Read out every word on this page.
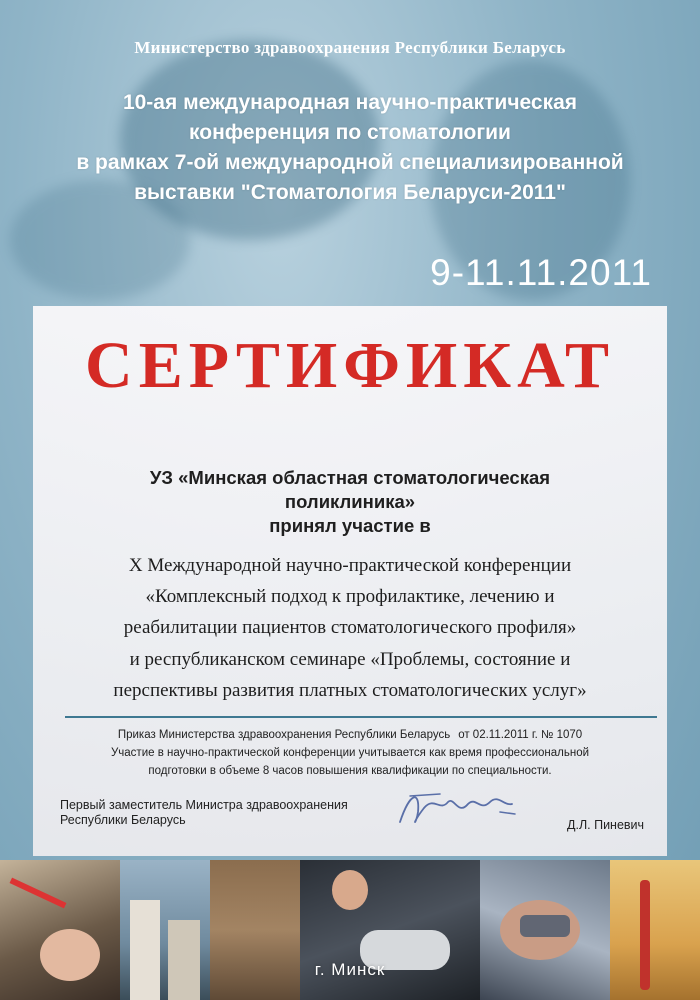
Министерство здравоохранения Республики Беларусь
10-ая международная научно-практическая
конференция по стоматологии
в рамках 7-ой международной специализированной
выставки "Стоматология Беларуси-2011"
9-11.11.2011
СЕРТИФИКАТ
УЗ «Минская областная стоматологическая
поликлиника»
принял участие в
X Международной научно-практической конференции
«Комплексный подход к профилактике, лечению и
реабилитации пациентов стоматологического профиля»
и республиканском семинаре «Проблемы, состояние и
перспективы развития платных стоматологических услуг»
Приказ Министерства здравоохранения Республики Беларусь от 02.11.2011 г. № 1070
Участие в научно-практической конференции учитывается как время профессиональной
подготовки в объеме 8 часов повышения квалификации по специальности.
Первый заместитель Министра здравоохранения
Республики Беларусь	Д.Л. Пиневич
г. Минск
